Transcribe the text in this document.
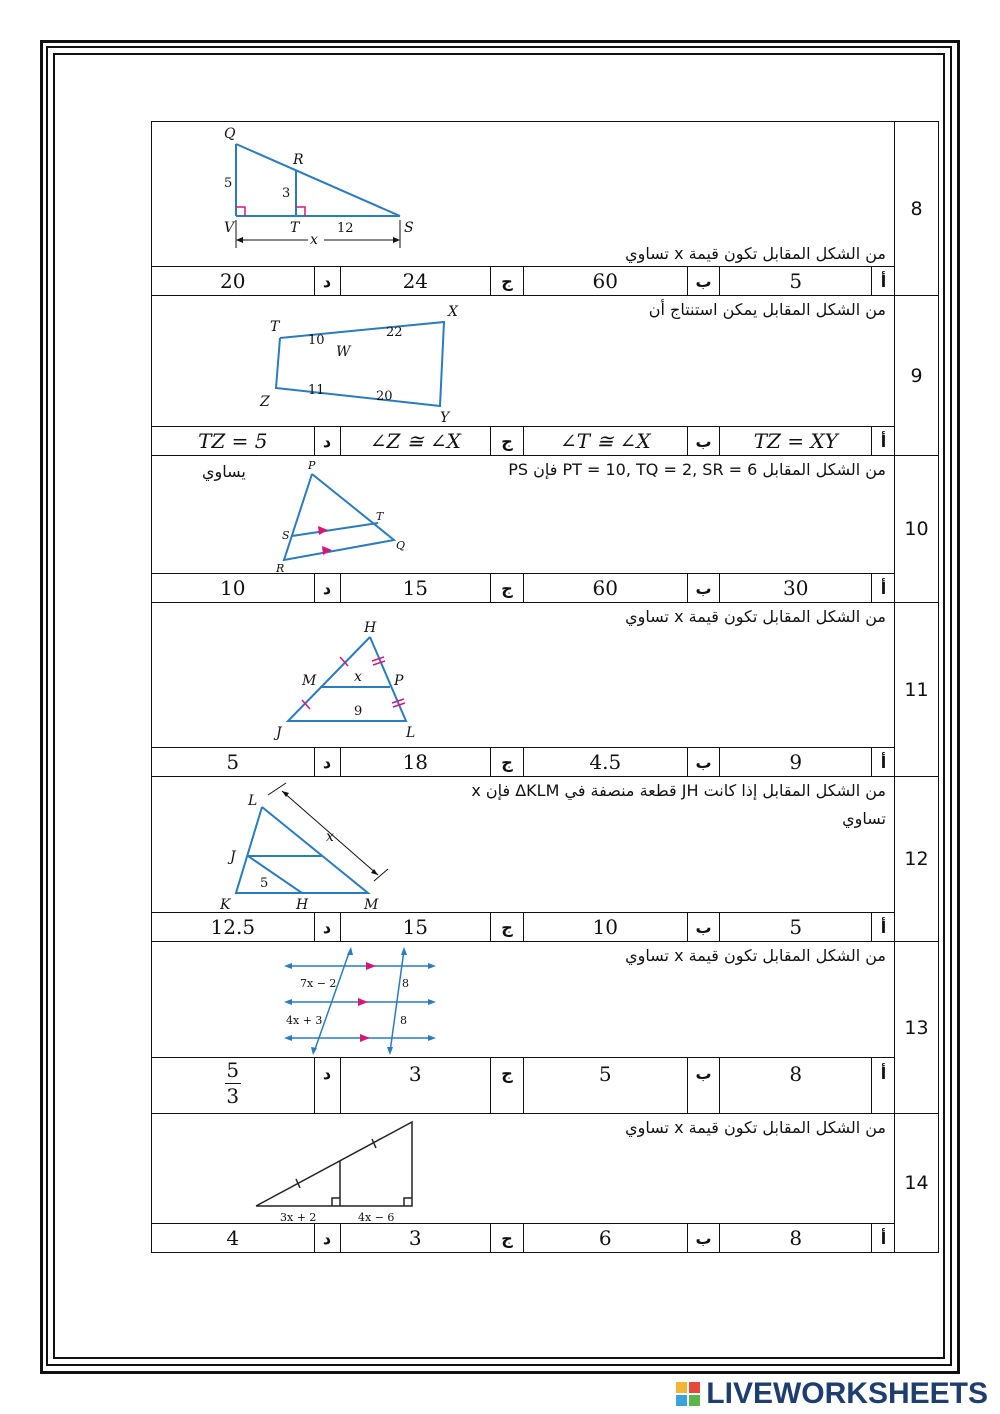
8
من الشكل المقابل تكون قيمة x تساوي
Q
R
V	T	S
x
5
3
12
20	د	24	ج	60	ب	5	أ
9
من الشكل المقابل يمكن استنتاج أن
T
X
W
Z
Y
10
22
11	20
TZ = 5	د	∠Z ≅ ∠X	ج	∠T ≅ ∠X	ب	TZ = XY	أ
10
من الشكل المقابل PT = 10, TQ = 2, SR = 6 فإن PS
يساوي	P
T
S
Q
R
10	د	15	ج	60	ب	30	أ
11
من الشكل المقابل تكون قيمة x تساوي
H
M	P
J	L
x
9
5	د	18	ج	4.5	ب	9	أ
12
من الشكل المقابل إذا كانت JH قطعة منصفة في ΔKLM فإن x
تساوي
L
J
K	H	M
x
5
12.5	د	15	ج	10	ب	5	أ
13
من الشكل المقابل تكون قيمة x تساوي
7x − 2
4x + 3
8
8
$\frac{5}{3}$	د	3	ج	5	ب	8	أ
14
من الشكل المقابل تكون قيمة x تساوي
3x + 2	4x − 6
4	د	3	ج	6	ب	8	أ
LIVEWORKSHEETS
